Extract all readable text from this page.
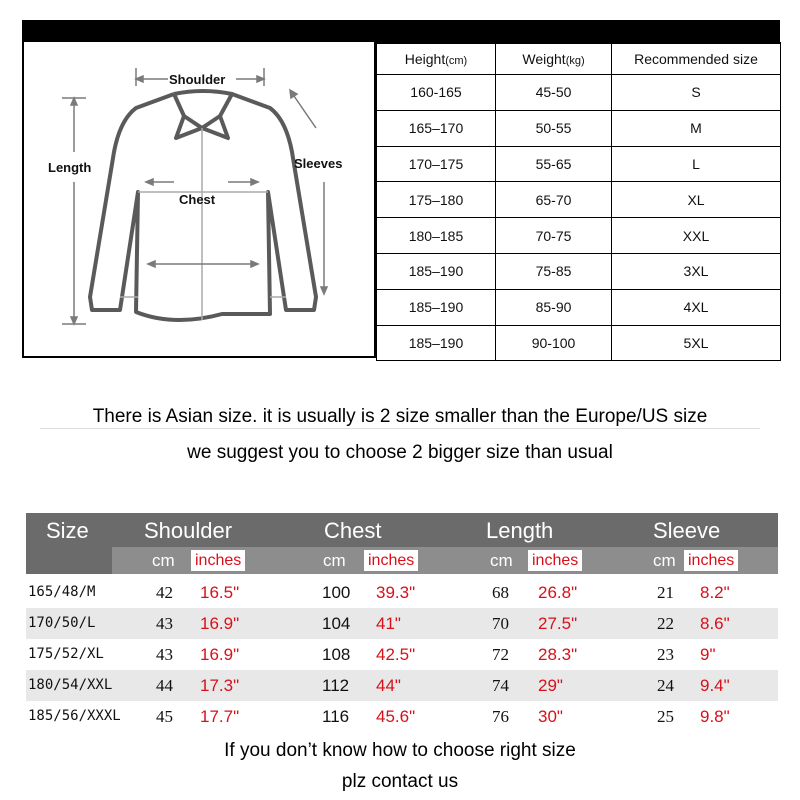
Shoulder
Length	Sleeves
Chest
Height(cm)	Weight(kg)	Recommended size
160-165	45-50	S
165–170	50-55	M
170–175	55-65	L
175–180	65-70	XL
180–185	70-75	XXL
185–190	75-85	3XL
185–190	85-90	4XL
185–190	90-100	5XL
There is Asian size. it is usually is 2 size smaller than the Europe/US size
we suggest you to choose 2 bigger size than usual
Size	Shoulder	Chest	Length	Sleeve
cm	cm	cm	cm
inches	inches	inches	inches
165/48/M	42 16.5"	100 39.3"	68 26.8"	21 8.2"
170/50/L	43 16.9"	104 41"	70 27.5"	22 8.6"
175/52/XL	43 16.9"	108 42.5"	72 28.3"	23 9"
180/54/XXL	44 17.3"	112 44"	74 29"	24 9.4"
185/56/XXXL 45 17.7"	116 45.6"	76 30"	25 9.8"
If you don’t know how to choose right size
plz contact us
